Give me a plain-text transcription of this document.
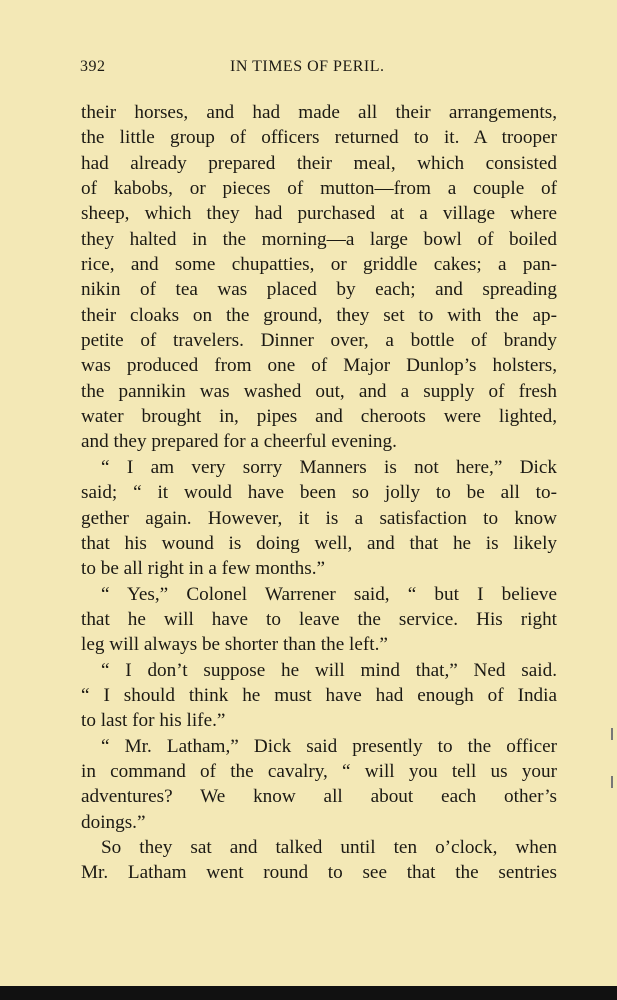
392	IN TIMES OF PERIL.
their horses, and had made all their arrangements,
the little group of officers returned to it. A trooper
had already prepared their meal, which consisted
of kabobs, or pieces of mutton—from a couple of
sheep, which they had purchased at a village where
they halted in the morning—a large bowl of boiled
rice, and some chupatties, or griddle cakes; a pan-
nikin of tea was placed by each; and spreading
their cloaks on the ground, they set to with the ap-
petite of travelers. Dinner over, a bottle of brandy
was produced from one of Major Dunlop’s holsters,
the pannikin was washed out, and a supply of fresh
water brought in, pipes and cheroots were lighted,
and they prepared for a cheerful evening.
“ I am very sorry Manners is not here,” Dick
said; “ it would have been so jolly to be all to-
gether again. However, it is a satisfaction to know
that his wound is doing well, and that he is likely
to be all right in a few months.”
“ Yes,” Colonel Warrener said, “ but I believe
that he will have to leave the service. His right
leg will always be shorter than the left.”
“ I don’t suppose he will mind that,” Ned said.
“ I should think he must have had enough of India
to last for his life.”
“ Mr. Latham,” Dick said presently to the officer
in command of the cavalry, “ will you tell us your
adventures? We know all about each other’s
doings.”
So they sat and talked until ten o’clock, when
Mr. Latham went round to see that the sentries
